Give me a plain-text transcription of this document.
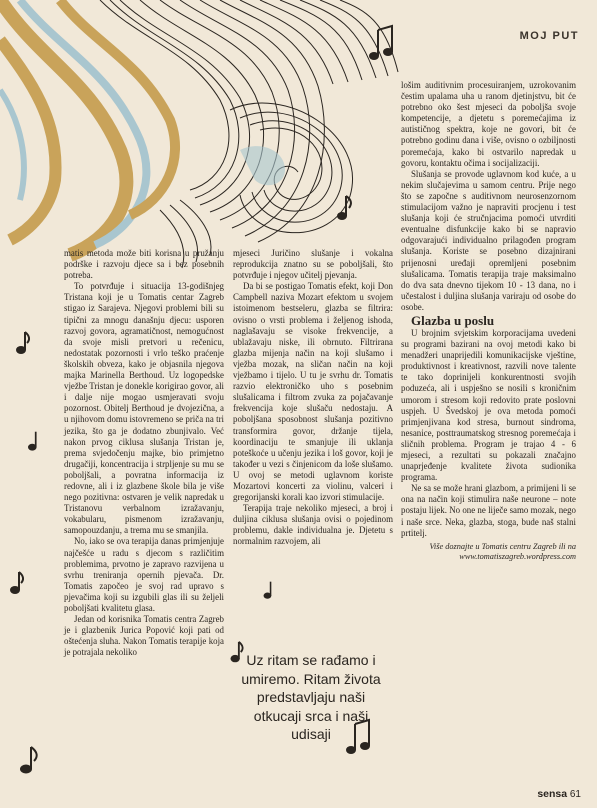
MOJ PUT

matis metoda može biti korisna u pružanju podrške i razvoju djece sa i bez posebnih potreba.

To potvrđuje i situacija 13-godišnjeg Tristana koji je u Tomatis centar Zagreb stigao iz Sarajeva. Njegovi problemi bili su tipični za mnogu današnju djecu: usporen razvoj govora, agramatičnost, nemogućnost da svoje misli pretvori u rečenicu, nedostatak pozornosti i vrlo teško praćenje školskih obveza, kako je objasnila njegova majka Marinella Berthoud. Uz logopedske vježbe Tristan je donekle korigirao govor, ali i dalje nije mogao usmjeravati svoju pozornost. Obitelj Berthoud je dvojezična, a u njihovom domu istovremeno se priča na tri jezika, što ga je dodatno zbunjivalo. Već nakon prvog ciklusa slušanja Tristan je, prema svjedočenju majke, bio primjetno drugačiji, koncentracija i strpljenje su mu se poboljšali, a povratna informacija iz redovne, ali i iz glazbene škole bila je više nego pozitivna: ostvaren je velik napredak u Tristanovu verbalnom izražavanju, vokabularu, pismenom izražavanju, samopouzdanju, a trema mu se smanjila.

No, iako se ova terapija danas primjenjuje najčešće u radu s djecom s različitim problemima, prvotno je zapravo razvijena u svrhu treniranja opernih pjevača. Dr. Tomatis započeo je svoj rad upravo s pjevačima koji su izgubili glas ili su željeli poboljšati kvalitetu glasa.

Jedan od korisnika Tomatis centra Zagreb je i glazbenik Jurica Popović koji pati od oštećenja sluha. Nakon Tomatis terapije koja je potrajala nekoliko

mjeseci Juričino slušanje i vokalna reprodukcija znatno su se poboljšali, što potvrđuje i njegov učitelj pjevanja.

Da bi se postigao Tomatis efekt, koji Don Campbell naziva Mozart efektom u svojem istoimenom bestseleru, glazba se filtrira: ovisno o vrsti problema i željenog ishoda, naglašavaju se visoke frekvencije, a ublažavaju niske, ili obrnuto. Filtrirana glazba mijenja način na koji slušamo i vježba mozak, na sličan način na koji vježbamo i tijelo. U tu je svrhu dr. Tomatis razvio elektroničko uho s posebnim slušalicama i filtrom zvuka za pojačavanje frekvencija koje slušaču nedostaju. A poboljšana sposobnost slušanja pozitivno transformira govor, držanje tijela, koordinaciju te smanjuje ili uklanja poteškoće u učenju jezika i loš govor, koji je također u vezi s činjenicom da loše slušamo. U ovoj se metodi uglavnom koriste Mozartovi koncerti za violinu, valceri i gregorijanski korali kao izvori stimulacije.

Terapija traje nekoliko mjeseci, a broj i duljina ciklusa slušanja ovisi o pojedinom problemu, dakle individualna je. Djetetu s normalnim razvojem, ali

Uz ritam se rađamo i umiremo. Ritam života predstavljaju naši otkucaji srca i naši udisaji

lošim auditivnim procesuiranjem, uzrokovanim čestim upalama uha u ranom djetinjstvu, bit će potrebno oko šest mjeseci da poboljša svoje kompetencije, a djetetu s poremećajima iz autističnog spektra, koje ne govori, bit će potrebno godinu dana i više, ovisno o ozbiljnosti poremećaja, kako bi ostvarilo napredak u govoru, kontaktu očima i socijalizaciji.

Slušanja se provode uglavnom kod kuće, a u nekim slučajevima u samom centru. Prije nego što se započne s auditivnom neurosenzornom stimulacijom važno je napraviti procjenu i test slušanja koji će stručnjacima pomoći utvrditi eventualne disfunkcije kako bi se napravio odgovarajući individualno prilagođen program slušanja. Koriste se posebno dizajnirani prijenosni uređaji opremljeni posebnim slušalicama. Tomatis terapija traje maksimalno do dva sata dnevno tijekom 10 - 13 dana, no i učestalost i duljina slušanja variraju od osobe do osobe.

Glazba u poslu

U brojnim svjetskim korporacijama uvedeni su programi bazirani na ovoj metodi kako bi menadžeri unaprijedili komunikacijske vještine, produktivnost i kreativnost, razvili nove talente te tako doprinijeli konkurentnosti svojih poduzeća, ali i uspješno se nosili s kroničnim umorom i stresom koji redovito prate poslovni uspjeh. U Švedskoj je ova metoda pomoći primjenjivana kod stresa, burnout sindroma, nesanice, posttraumatskog stresnog poremećaja i sličnih problema. Program je trajao 4 - 6 mjeseci, a rezultati su pokazali značajno unaprjeđenje kvalitete života sudionika programa.

Ne sa se može hrani glazbom, a primijeni li se ona na način koji stimulira naše neurone – note postaju lijek. No one ne liječe samo mozak, nego i naše srce. Neka, glazba, stoga, bude naš stalni prtitelj.

Više doznajte u Tomatis centru Zagreb ili na www.tomatiszagreb.wordpress.com

sensa 61
